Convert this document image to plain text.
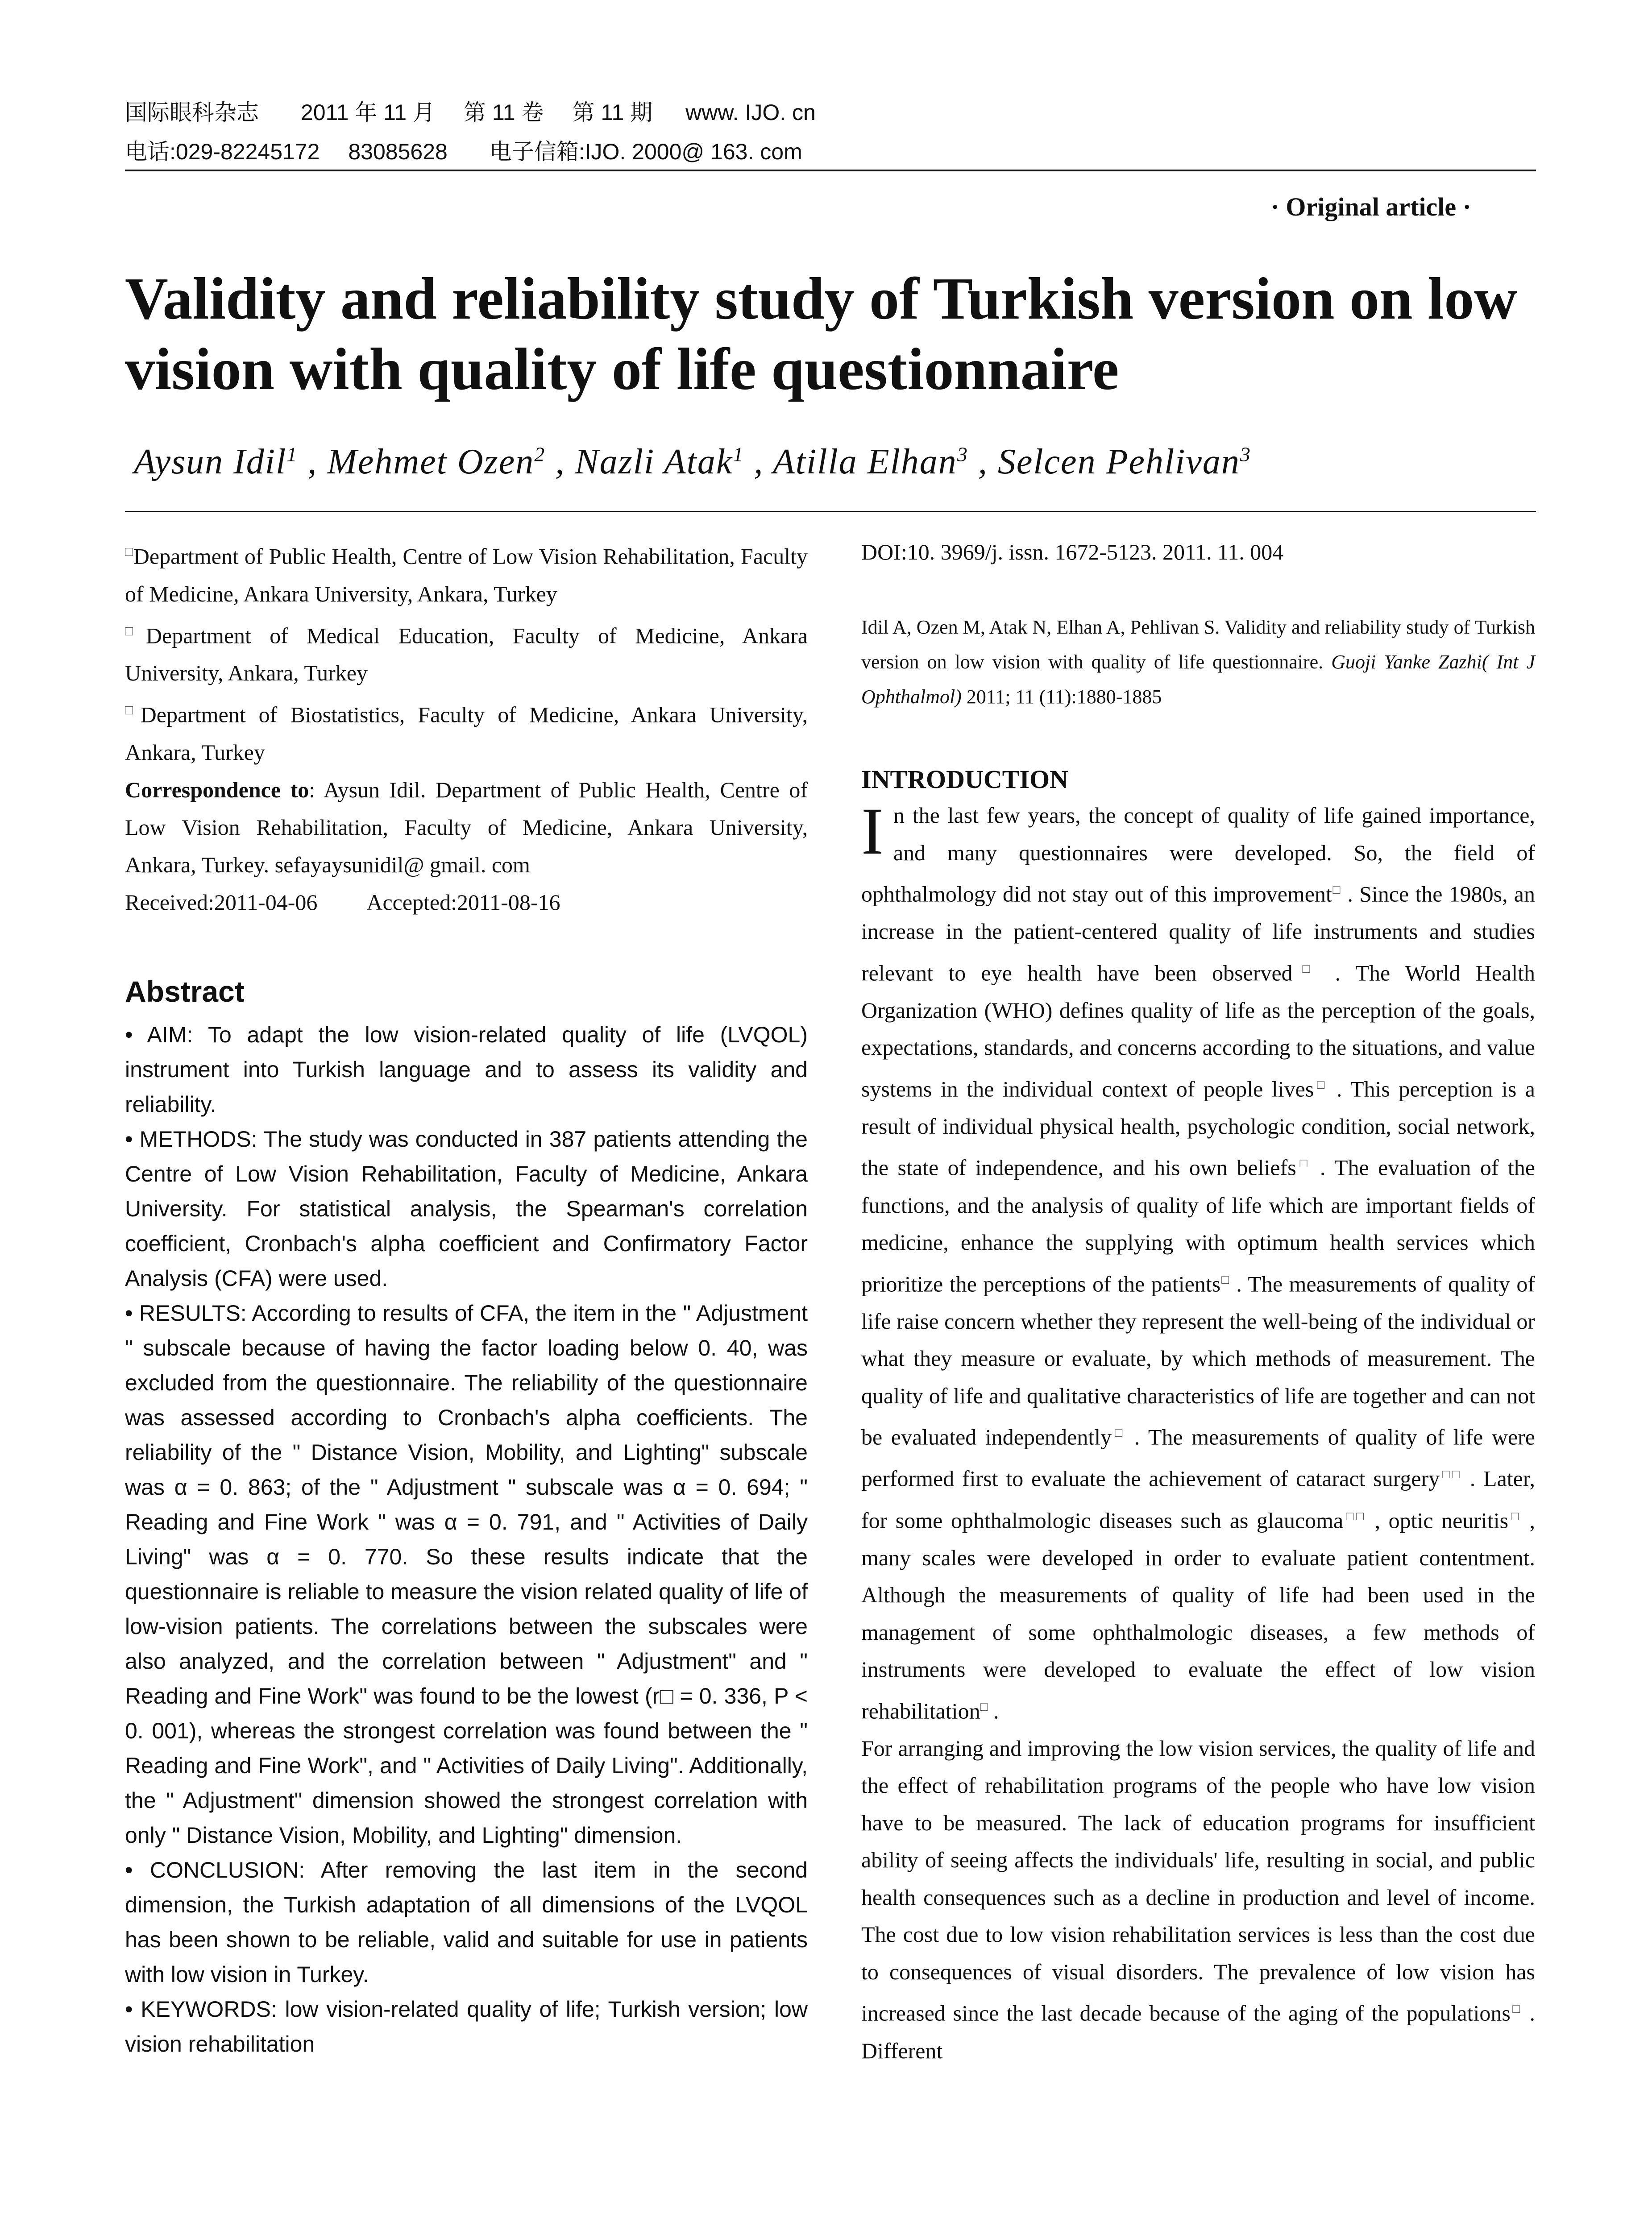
国际眼科杂志 2011 年 11 月 第 11 卷 第 11 期 www. IJO. cn
电话:029-82245172 83085628 电子信箱:IJO. 2000@ 163. com
· Original article ·
Validity and reliability study of Turkish version on low vision with quality of life questionnaire
Aysun Idil$^1$ , Mehmet Ozen$^2$ , Nazli Atak$^1$ , Atilla Elhan$^3$ , Selcen Pehlivan$^3$

□Department of Public Health, Centre of Low Vision Rehabilitation, Faculty of Medicine, Ankara University, Ankara, Turkey

□Department of Medical Education, Faculty of Medicine, Ankara University, Ankara, Turkey

□Department of Biostatistics, Faculty of Medicine, Ankara University, Ankara, Turkey

Correspondence to: Aysun Idil. Department of Public Health, Centre of Low Vision Rehabilitation, Faculty of Medicine, Ankara University, Ankara, Turkey. sefayaysunidil@ gmail. com

Received:2011-04-06 Accepted:2011-08-16
Abstract

• AIM: To adapt the low vision-related quality of life (LVQOL) instrument into Turkish language and to assess its validity and reliability.

• METHODS: The study was conducted in 387 patients attending the Centre of Low Vision Rehabilitation, Faculty of Medicine, Ankara University. For statistical analysis, the Spearman's correlation coefficient, Cronbach's alpha coefficient and Confirmatory Factor Analysis (CFA) were used.

• RESULTS: According to results of CFA, the item in the " Adjustment " subscale because of having the factor loading below 0. 40, was excluded from the questionnaire. The reliability of the questionnaire was assessed according to Cronbach's alpha coefficients. The reliability of the " Distance Vision, Mobility, and Lighting" subscale was α = 0. 863; of the " Adjustment " subscale was α = 0. 694; " Reading and Fine Work " was α = 0. 791, and " Activities of Daily Living" was α = 0. 770. So these results indicate that the questionnaire is reliable to measure the vision related quality of life of low-vision patients. The correlations between the subscales were also analyzed, and the correlation between " Adjustment" and " Reading and Fine Work" was found to be the lowest (r□ = 0. 336, P < 0. 001), whereas the strongest correlation was found between the " Reading and Fine Work", and " Activities of Daily Living". Additionally, the " Adjustment" dimension showed the strongest correlation with only " Distance Vision, Mobility, and Lighting" dimension.

• CONCLUSION: After removing the last item in the second dimension, the Turkish adaptation of all dimensions of the LVQOL has been shown to be reliable, valid and suitable for use in patients with low vision in Turkey.

• KEYWORDS: low vision-related quality of life; Turkish version; low vision rehabilitation

DOI:10. 3969/j. issn. 1672-5123. 2011. 11. 004
Idil A, Ozen M, Atak N, Elhan A, Pehlivan S. Validity and reliability study of Turkish version on low vision with quality of life questionnaire. Guoji Yanke Zazhi( Int J Ophthalmol) 2011; 11 (11):1880-1885
INTRODUCTION

In the last few years, the concept of quality of life gained importance, and many questionnaires were developed. So, the field of ophthalmology did not stay out of this improvement□ . Since the 1980s, an increase in the patient-centered quality of life instruments and studies relevant to eye health have been observed□ . The World Health Organization (WHO) defines quality of life as the perception of the goals, expectations, standards, and concerns according to the situations, and value systems in the individual context of people lives□ . This perception is a result of individual physical health, psychologic condition, social network, the state of independence, and his own beliefs□ . The evaluation of the functions, and the analysis of quality of life which are important fields of medicine, enhance the supplying with optimum health services which prioritize the perceptions of the patients□ . The measurements of quality of life raise concern whether they represent the well-being of the individual or what they measure or evaluate, by which methods of measurement. The quality of life and qualitative characteristics of life are together and can not be evaluated independently□ . The measurements of quality of life were performed first to evaluate the achievement of cataract surgery□□ . Later, for some ophthalmologic diseases such as glaucoma□□ , optic neuritis□ , many scales were developed in order to evaluate patient contentment. Although the measurements of quality of life had been used in the management of some ophthalmologic diseases, a few methods of instruments were developed to evaluate the effect of low vision rehabilitation□ .

For arranging and improving the low vision services, the quality of life and the effect of rehabilitation programs of the people who have low vision have to be measured. The lack of education programs for insufficient ability of seeing affects the individuals' life, resulting in social, and public health consequences such as a decline in production and level of income. The cost due to low vision rehabilitation services is less than the cost due to consequences of visual disorders. The prevalence of low vision has increased since the last decade because of the aging of the populations□ . Different
